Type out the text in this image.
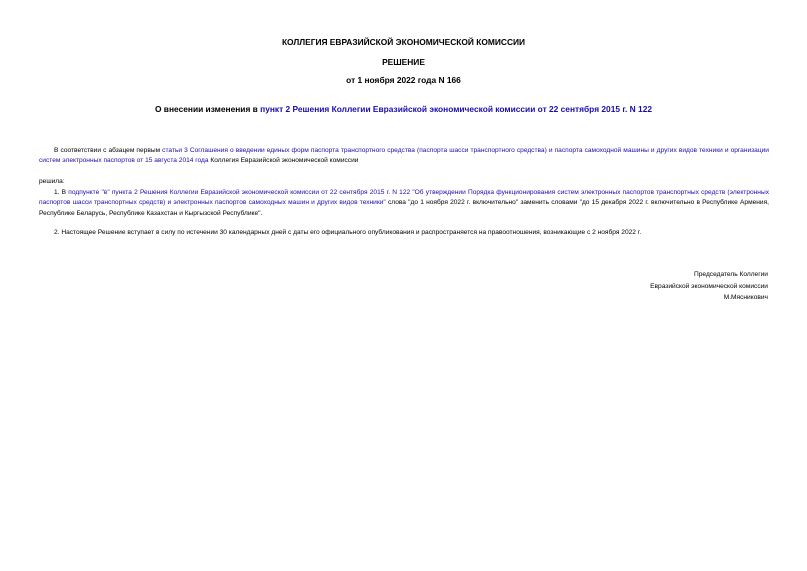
КОЛЛЕГИЯ ЕВРАЗИЙСКОЙ ЭКОНОМИЧЕСКОЙ КОМИССИИ
РЕШЕНИЕ
от 1 ноября 2022 года N 166
О внесении изменения в пункт 2 Решения Коллегии Евразийской экономической комиссии от 22 сентября 2015 г. N 122
В соответствии с абзацем первым статьи 3 Соглашения о введении единых форм паспорта транспортного средства (паспорта шасси транспортного средства) и паспорта самоходной машины и других видов техники и организации систем электронных паспортов от 15 августа 2014 года Коллегия Евразийской экономической комиссии
решила:
1. В подпункте "в" пункта 2 Решения Коллегии Евразийской экономической комиссии от 22 сентября 2015 г. N 122 "Об утверждении Порядка функционирования систем электронных паспортов транспортных средств (электронных паспортов шасси транспортных средств) и электронных паспортов самоходных машин и других видов техники" слова "до 1 ноября 2022 г. включительно" заменить словами "до 15 декабря 2022 г. включительно в Республике Армения, Республике Беларусь, Республике Казахстан и Кыргызской Республике".
2. Настоящее Решение вступает в силу по истечении 30 календарных дней с даты его официального опубликования и распространяется на правоотношения, возникающие с 2 ноября 2022 г.
Председатель Коллегии
Евразийской экономической комиссии
М.Мясникович
